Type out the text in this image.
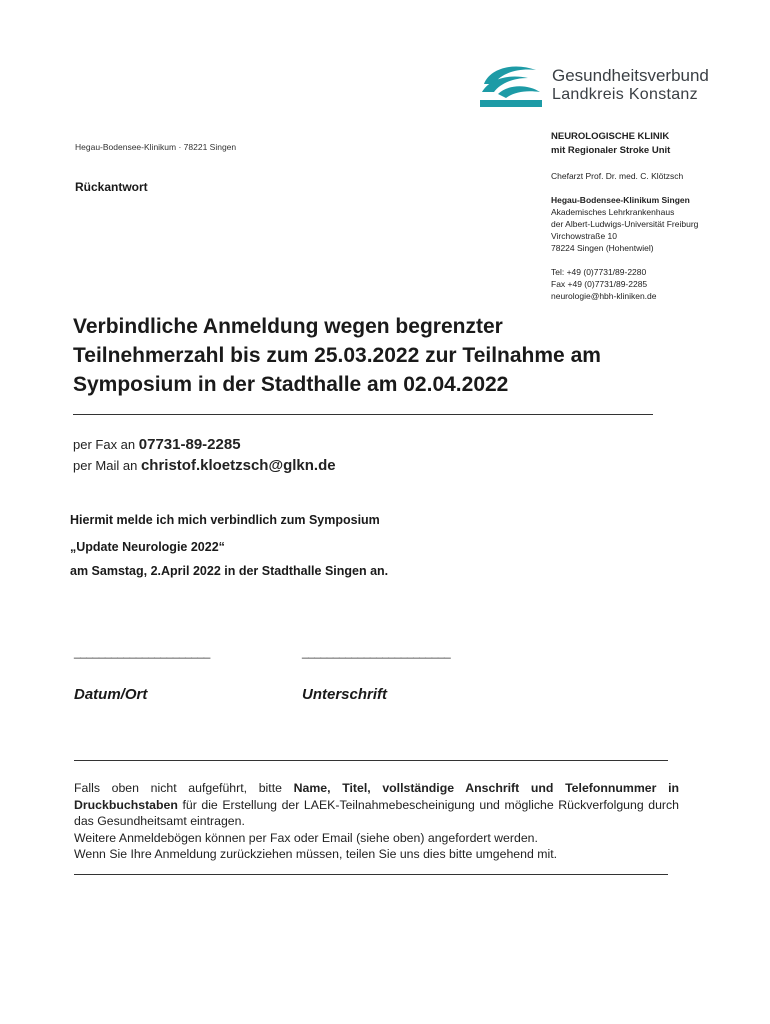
Gesundheitsverbund
Landkreis Konstanz
Hegau-Bodensee-Klinikum · 78221 Singen
Rückantwort
NEUROLOGISCHE KLINIK
mit Regionaler Stroke Unit
Chefarzt Prof. Dr. med. C. Klötzsch
Hegau-Bodensee-Klinikum Singen
Akademisches Lehrkrankenhaus
der Albert-Ludwigs-Universität Freiburg
Virchowstraße 10
78224 Singen (Hohentwiel)
Tel: +49 (0)7731/89-2280
Fax +49 (0)7731/89-2285
neurologie@hbh-kliniken.de
Verbindliche Anmeldung wegen begrenzter
Teilnehmerzahl bis zum 25.03.2022 zur Teilnahme am
Symposium in der Stadthalle am 02.04.2022
per Fax an 07731-89-2285
per Mail an christof.kloetzsch@glkn.de
Hiermit melde ich mich verbindlich zum Symposium
„Update Neurologie 2022“
am Samstag, 2.April 2022 in der Stadthalle Singen an.
______________________	________________________
Datum/Ort	Unterschrift
Falls oben nicht aufgeführt, bitte Name, Titel, vollständige Anschrift und Telefonnummer in Druckbuchstaben für die Erstellung der LAEK-Teilnahmebescheinigung und mögliche Rückverfolgung durch das Gesundheitsamt eintragen.
Weitere Anmeldebögen können per Fax oder Email (siehe oben) angefordert werden.
Wenn Sie Ihre Anmeldung zurückziehen müssen, teilen Sie uns dies bitte umgehend mit.
